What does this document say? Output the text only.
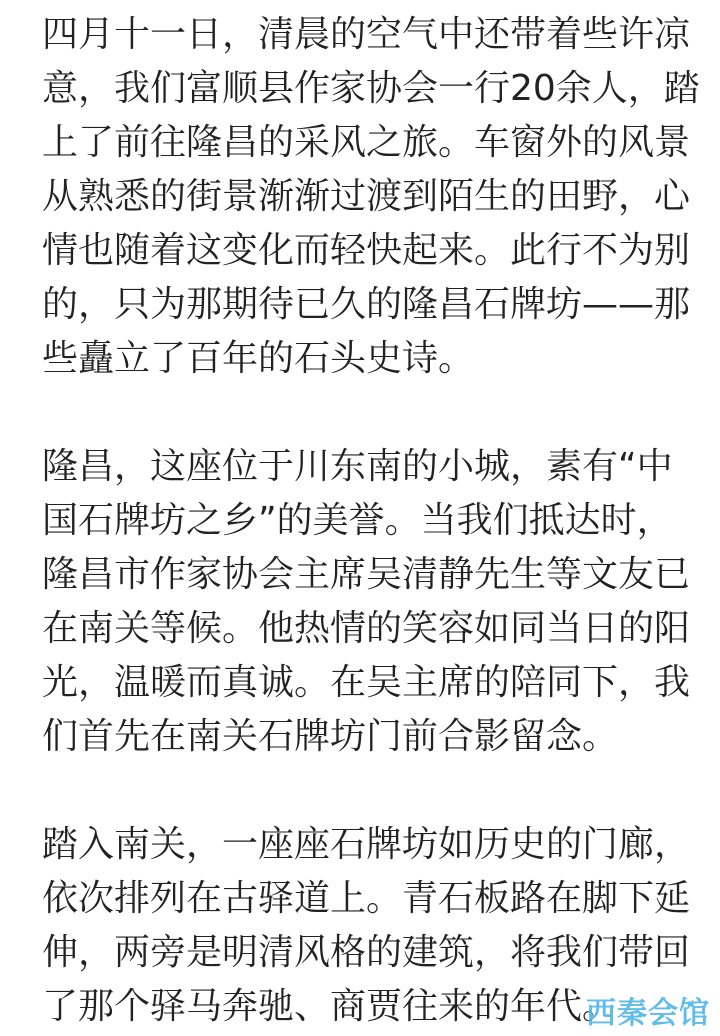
四月十一日，清晨的空气中还带着些许凉
意，我们富顺县作家协会一行20余人，踏
上了前往隆昌的采风之旅。车窗外的风景
从熟悉的街景渐渐过渡到陌生的田野，心
情也随着这变化而轻快起来。此行不为别
的，只为那期待已久的隆昌石牌坊——那
些矗立了百年的石头史诗。
隆昌，这座位于川东南的小城，素有“中
国石牌坊之乡”的美誉。当我们抵达时，
隆昌市作家协会主席吴清静先生等文友已
在南关等候。他热情的笑容如同当日的阳
光，温暖而真诚。在吴主席的陪同下，我
们首先在南关石牌坊门前合影留念。
踏入南关，一座座石牌坊如历史的门廊，
依次排列在古驿道上。青石板路在脚下延
伸，两旁是明清风格的建筑，将我们带回
了那个驿马奔驰、商贾往来的年代。
西秦会馆
